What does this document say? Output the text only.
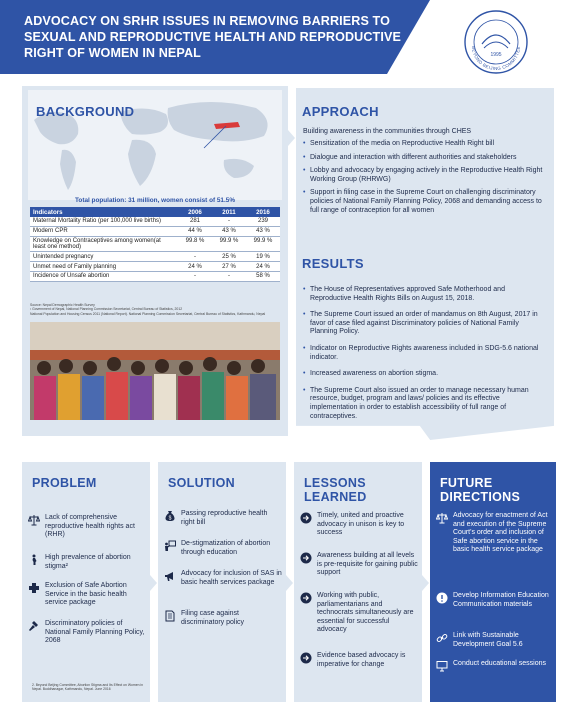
ADVOCACY ON SRHR ISSUES IN REMOVING BARRIERS TO SEXUAL AND REPRODUCTIVE HEALTH AND REPRODUCTIVE RIGHT OF WOMEN IN NEPAL	1995
BEYOND BEIJING COMMITTEE
BACKGROUND
Total population: 31 million, women consist of 51.5%
Indicators	2006	2011	2016
Maternal Mortality Ratio (per 100,000 live births)	281	-	239
Modern CPR	44 %	43 %	43 %
Knowledge on Contraceptives among women(at least one method)	99.8 %	99.9 %	99.9 %
Unintended pregnancy	-	25 %	19 %
Unmet need of Family planning	24 %	27 %	24 %
Incidence of Unsafe abortion	-	-	58 %
Source: Nepal Demographic Health Survey
¹ Government of Nepal, National Planning Commission Secretariat, Central Bureau of Statistics, 2012
National Population and Housing Census 2011 (National Report). National Planning Commission Secretariat, Central Bureau of Statistics, Kathmandu, Nepal
APPROACH
Building awareness in the communities through CHES
• Sensitization of the media on Reproductive Health Right bill
• Dialogue and interaction with different authorities and stakeholders
• Lobby and advocacy by engaging actively in the Reproductive Health Right Working Group (RHRWG)
• Support in filing case in the Supreme Court on challenging discriminatory policies of National Family Planning Policy, 2068 and demanding access to full range of contraception for all women
RESULTS
• The House of Representatives approved Safe Motherhood and Reproductive Health Rights Bills on August 15, 2018.
• The Supreme Court issued an order of mandamus on 8th August, 2017 in favor of case filed against Discriminatory policies of National Family Planning Policy.
• Indicator on Reproductive Rights awareness included in SDG-5.6 national indicator.
• Increased awareness on abortion stigma.
• The Supreme Court also issued an order to manage necessary human resource, budget, program and laws/ policies and its effective implementation in order to establish accessibility of full range of contraceptives.
PROBLEM
Lack of comprehensive reproductive health rights act (RHR)
High prevalence of abortion stigma²
Exclusion of Safe Abortion Service in the basic health service package
Discriminatory policies of National Family Planning Policy, 2068
2. Beyond Beijing Committee, Abortion Stigma and Its Effect on Women in Nepal. Buddhanagar, Kathmandu, Nepal. June 2016
SOLUTION
$
Passing reproductive health right bill
De-stigmatization of abortion through education
Advocacy for inclusion of SAS in basic health services package
Filing case against discriminatory policy
LESSONS
LEARNED
Timely, united and proactive advocacy in unison is key to success
Awareness building at all levels is pre-requisite for gaining public support
Working with public, parliamentarians and technocrats simultaneously are essential for successful advocacy
Evidence based advocacy is imperative for change
FUTURE
DIRECTIONS
Advocacy for enactment of Act and execution of the Supreme Court's order and inclusion of Safe abortion service in the basic health service package
Develop Information Education Communication materials
Link with Sustainable Development Goal 5.6
Conduct educational sessions
